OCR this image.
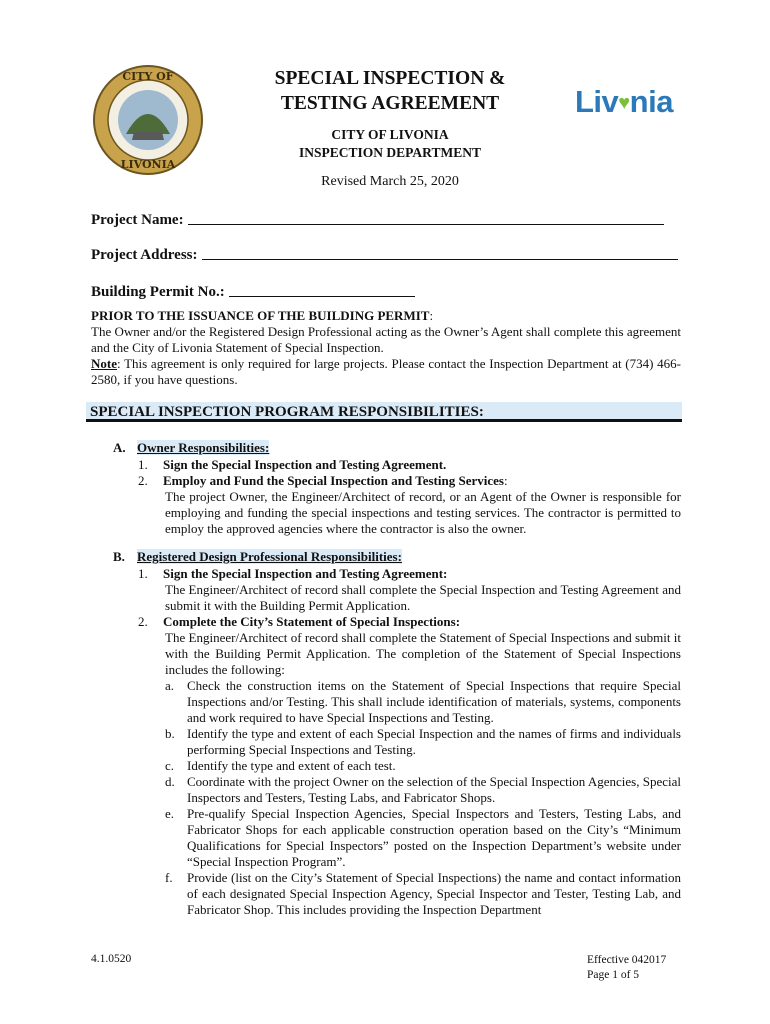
CITY OF
LIVONIA
SPECIAL INSPECTION &
TESTING AGREEMENT	Liv♥nia
CITY OF LIVONIA
INSPECTION DEPARTMENT
Revised March 25, 2020
Project Name:
Project Address:
Building Permit No.:
PRIOR TO THE ISSUANCE OF THE BUILDING PERMIT:
The Owner and/or the Registered Design Professional acting as the Owner’s Agent shall complete this agreement and the City of Livonia Statement of Special Inspection.
Note: This agreement is only required for large projects. Please contact the Inspection Department at (734) 466-2580, if you have questions.
SPECIAL INSPECTION PROGRAM RESPONSIBILITIES:
A. Owner Responsibilities:
1. Sign the Special Inspection and Testing Agreement.
2. Employ and Fund the Special Inspection and Testing Services:
The project Owner, the Engineer/Architect of record, or an Agent of the Owner is responsible for employing and funding the special inspections and testing services. The contractor is permitted to employ the approved agencies where the contractor is also the owner.
B. Registered Design Professional Responsibilities:
1. Sign the Special Inspection and Testing Agreement:
The Engineer/Architect of record shall complete the Special Inspection and Testing Agreement and submit it with the Building Permit Application.
2. Complete the City’s Statement of Special Inspections:
The Engineer/Architect of record shall complete the Statement of Special Inspections and submit it with the Building Permit Application. The completion of the Statement of Special Inspections includes the following:
a. Check the construction items on the Statement of Special Inspections that require Special Inspections and/or Testing. This shall include identification of materials, systems, components and work required to have Special Inspections and Testing.
b. Identify the type and extent of each Special Inspection and the names of firms and individuals performing Special Inspections and Testing.
c. Identify the type and extent of each test.
d. Coordinate with the project Owner on the selection of the Special Inspection Agencies, Special Inspectors and Testers, Testing Labs, and Fabricator Shops.
e. Pre-qualify Special Inspection Agencies, Special Inspectors and Testers, Testing Labs, and Fabricator Shops for each applicable construction operation based on the City’s “Minimum Qualifications for Special Inspectors” posted on the Inspection Department’s website under “Special Inspection Program”.
f. Provide (list on the City’s Statement of Special Inspections) the name and contact information of each designated Special Inspection Agency, Special Inspector and Tester, Testing Lab, and Fabricator Shop. This includes providing the Inspection Department
4.1.0520	Effective 042017
Page 1 of 5
